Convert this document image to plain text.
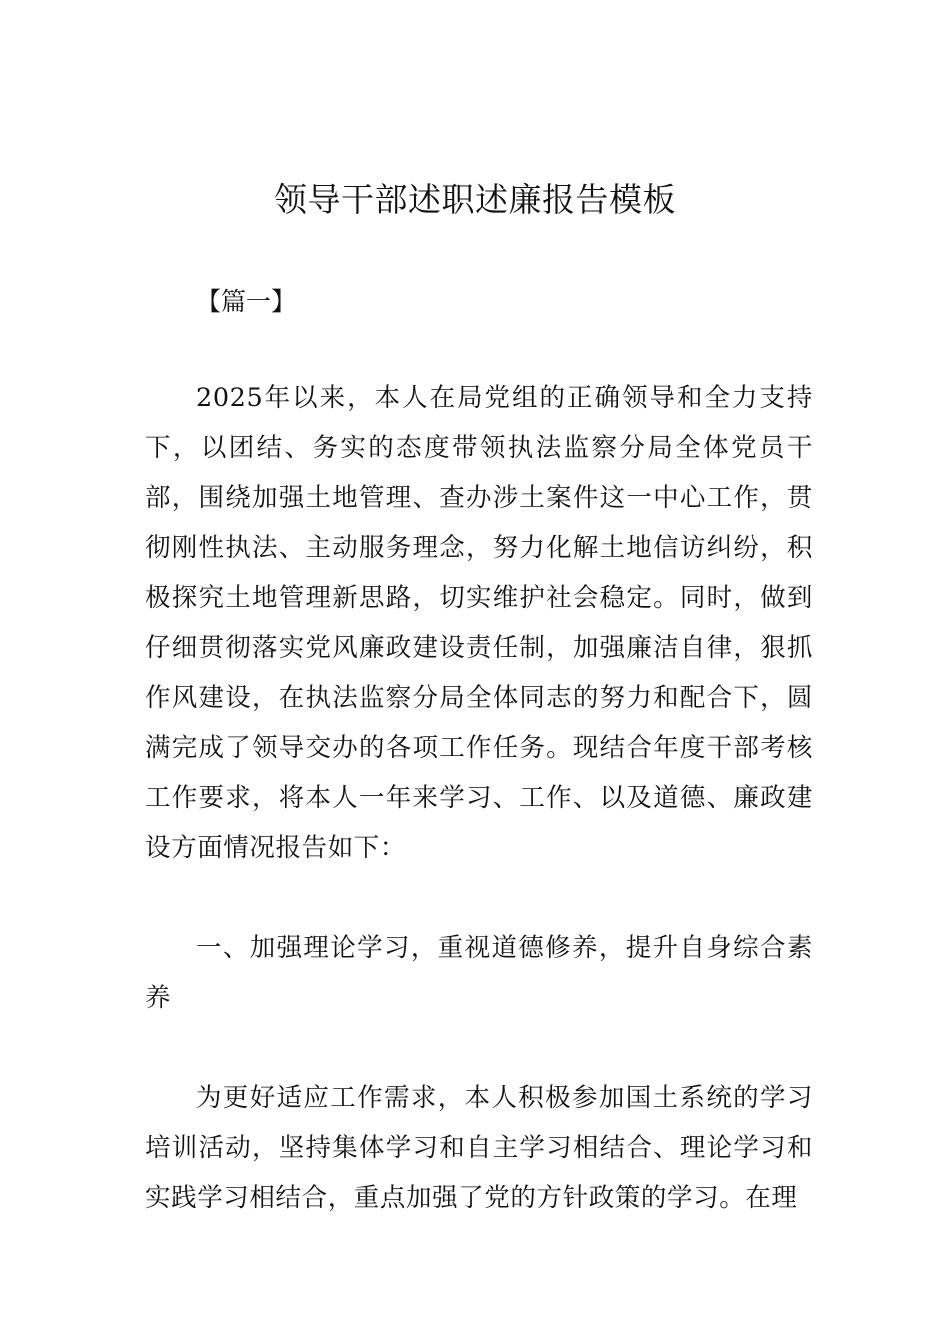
领导干部述职述廉报告模板

【篇一】

2025年以来，本人在局党组的正确领导和全力支持下，以团结、务实的态度带领执法监察分局全体党员干部，围绕加强土地管理、查办涉土案件这一中心工作，贯彻刚性执法、主动服务理念，努力化解土地信访纠纷，积极探究土地管理新思路，切实维护社会稳定。同时，做到仔细贯彻落实党风廉政建设责任制，加强廉洁自律，狠抓作风建设，在执法监察分局全体同志的努力和配合下，圆满完成了领导交办的各项工作任务。现结合年度干部考核工作要求，将本人一年来学习、工作、以及道德、廉政建设方面情况报告如下：

一、加强理论学习，重视道德修养，提升自身综合素养

为更好适应工作需求，本人积极参加国土系统的学习培训活动，坚持集体学习和自主学习相结合、理论学习和实践学习相结合，重点加强了党的方针政策的学习。在理
